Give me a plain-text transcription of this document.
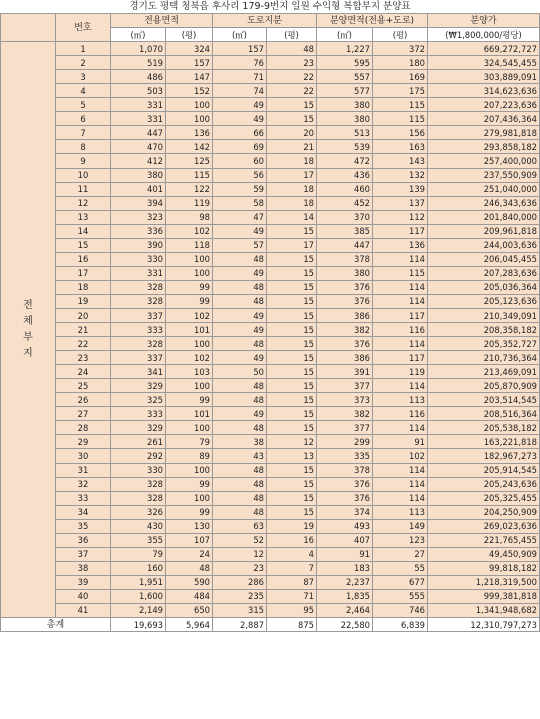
경기도 평택 청북읍 후사리 179-9번지 일원 수익형 복합부지 분양표
	번호	전용면적		도로지분		분양면적(전용+도로)		분양가
		(㎡)	(평)	(㎡)	(평)	(㎡)	(평)	(₩1,800,000/평당)
전
체
부
지	1	1,070	324	157	48	1,227	372	669,272,727
	2	519	157	76	23	595	180	324,545,455
	3	486	147	71	22	557	169	303,889,091
	4	503	152	74	22	577	175	314,623,636
	5	331	100	49	15	380	115	207,223,636
	6	331	100	49	15	380	115	207,436,364
	7	447	136	66	20	513	156	279,981,818
	8	470	142	69	21	539	163	293,858,182
	9	412	125	60	18	472	143	257,400,000
	10	380	115	56	17	436	132	237,550,909
	11	401	122	59	18	460	139	251,040,000
	12	394	119	58	18	452	137	246,343,636
	13	323	98	47	14	370	112	201,840,000
	14	336	102	49	15	385	117	209,961,818
	15	390	118	57	17	447	136	244,003,636
	16	330	100	48	15	378	114	206,045,455
	17	331	100	49	15	380	115	207,283,636
	18	328	99	48	15	376	114	205,036,364
	19	328	99	48	15	376	114	205,123,636
	20	337	102	49	15	386	117	210,349,091
	21	333	101	49	15	382	116	208,358,182
	22	328	100	48	15	376	114	205,352,727
	23	337	102	49	15	386	117	210,736,364
	24	341	103	50	15	391	119	213,469,091
	25	329	100	48	15	377	114	205,870,909
	26	325	99	48	15	373	113	203,514,545
	27	333	101	49	15	382	116	208,516,364
	28	329	100	48	15	377	114	205,538,182
	29	261	79	38	12	299	91	163,221,818
	30	292	89	43	13	335	102	182,967,273
	31	330	100	48	15	378	114	205,914,545
	32	328	99	48	15	376	114	205,243,636
	33	328	100	48	15	376	114	205,325,455
	34	326	99	48	15	374	113	204,250,909
	35	430	130	63	19	493	149	269,023,636
	36	355	107	52	16	407	123	221,765,455
	37	79	24	12	4	91	27	49,450,909
	38	160	48	23	7	183	55	99,818,182
	39	1,951	590	286	87	2,237	677	1,218,319,500
	40	1,600	484	235	71	1,835	555	999,381,818
	41	2,149	650	315	95	2,464	746	1,341,948,682
총계		19,693	5,964	2,887	875	22,580	6,839	12,310,797,273
